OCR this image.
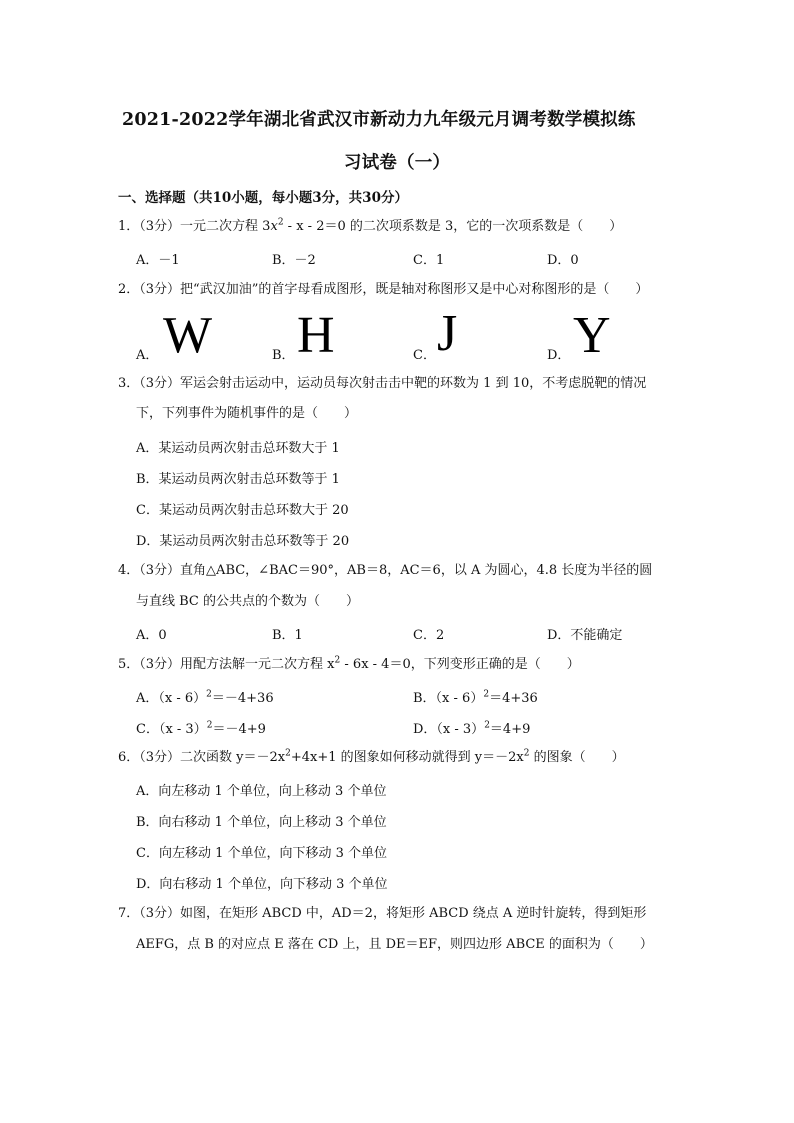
2021-2022学年湖北省武汉市新动力九年级元月调考数学模拟练
习试卷（一）
一、选择题（共10小题，每小题3分，共30分）
1．（3分）一元二次方程 $3x^2 - x - 2=0$ 的二次项系数是 3，它的一次项系数是（　　）
A．－1	B．－2	C．1	D．0
2．（3分）把“武汉加油”的首字母看成图形，既是轴对称图形又是中心对称图形的是（　　）
A． W	B． H	C． J	D． Y
3．（3分）军运会射击运动中，运动员每次射击击中靶的环数为 1 到 10，不考虑脱靶的情况
下，下列事件为随机事件的是（　　）
A．某运动员两次射击总环数大于 1
B．某运动员两次射击总环数等于 1
C．某运动员两次射击总环数大于 20
D．某运动员两次射击总环数等于 20
4．（3分）直角△ABC，∠BAC＝90°，AB＝8，AC＝6，以 A 为圆心，4.8 长度为半径的圆
与直线 BC 的公共点的个数为（　　）
A．0	B．1	C．2	D．不能确定
5．（3分）用配方法解一元二次方程 $x^2 - 6x - 4=0$，下列变形正确的是（　　）
A．（x - 6）$^2$＝－4+36	B．（x - 6）$^2$＝4+36
C．（x - 3）$^2$＝－4+9	D．（x - 3）$^2$＝4+9
6．（3分）二次函数 $y=-2x^2+4x+1$ 的图象如何移动就得到 $y=-2x^2$ 的图象（　　）
A．向左移动 1 个单位，向上移动 3 个单位
B．向右移动 1 个单位，向上移动 3 个单位
C．向左移动 1 个单位，向下移动 3 个单位
D．向右移动 1 个单位，向下移动 3 个单位
7．（3分）如图，在矩形 ABCD 中，AD＝2，将矩形 ABCD 绕点 A 逆时针旋转，得到矩形
AEFG，点 B 的对应点 E 落在 CD 上，且 DE＝EF，则四边形 ABCE 的面积为（　　）
